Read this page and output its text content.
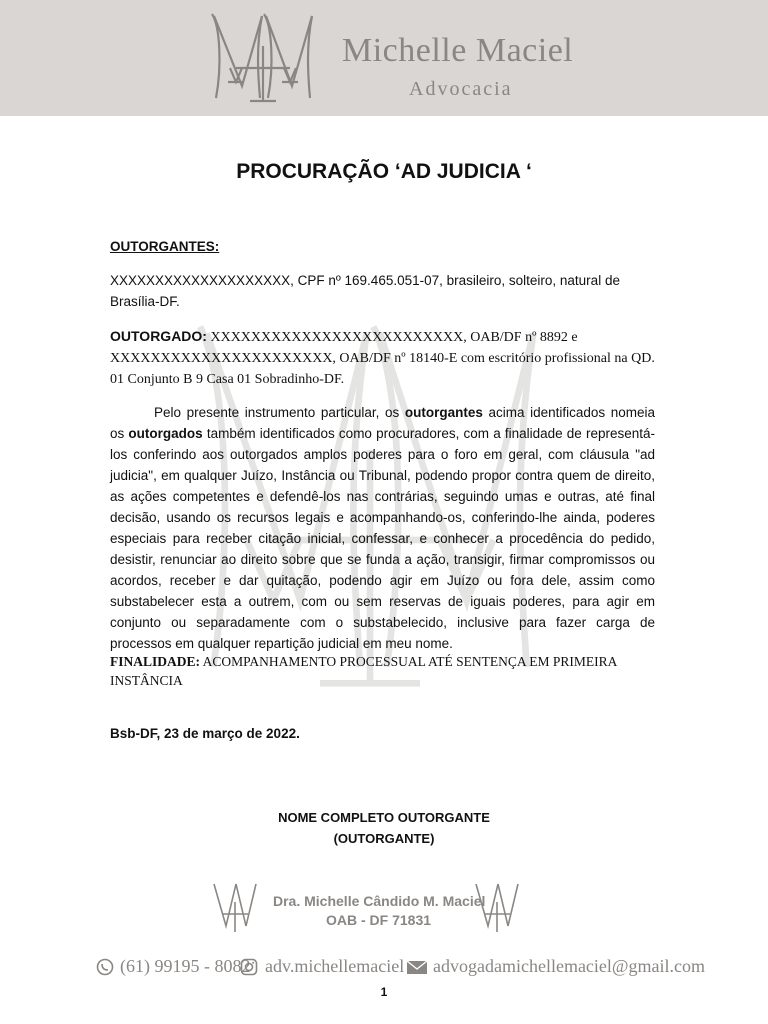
Michelle Maciel
Advocacia
PROCURAÇÃO ‘AD JUDICIA ‘
OUTORGANTES:
XXXXXXXXXXXXXXXXXXXX, CPF nº 169.465.051-07, brasileiro, solteiro, natural de Brasília-DF.
OUTORGADO: XXXXXXXXXXXXXXXXXXXXXXXXX, OAB/DF nº 8892 e XXXXXXXXXXXXXXXXXXXXXX, OAB/DF nº 18140-E com escritório profissional na QD. 01 Conjunto B 9 Casa 01 Sobradinho-DF.
Pelo presente instrumento particular, os outorgantes acima identificados nomeia os outorgados também identificados como procuradores, com a finalidade de representá-los conferindo aos outorgados amplos poderes para o foro em geral, com cláusula "ad judicia", em qualquer Juízo, Instância ou Tribunal, podendo propor contra quem de direito, as ações competentes e defendê-los nas contrárias, seguindo umas e outras, até final decisão, usando os recursos legais e acompanhando-os, conferindo-lhe ainda, poderes especiais para receber citação inicial, confessar, e conhecer a procedência do pedido, desistir, renunciar ao direito sobre que se funda a ação, transigir, firmar compromissos ou acordos, receber e dar quitação, podendo agir em Juízo ou fora dele, assim como substabelecer esta a outrem, com ou sem reservas de iguais poderes, para agir em conjunto ou separadamente com o substabelecido, inclusive para fazer carga de processos em qualquer repartição judicial em meu nome.
FINALIDADE: ACOMPANHAMENTO PROCESSUAL ATÉ SENTENÇA EM PRIMEIRA INSTÂNCIA
Bsb-DF, 23 de março de 2022.
NOME COMPLETO OUTORGANTE
(OUTORGANTE)
Dra. Michelle Cândido M. Maciel
OAB - DF 71831
(61) 99195 - 8082 adv.michellemaciel advogadamichellemaciel@gmail.com
1
